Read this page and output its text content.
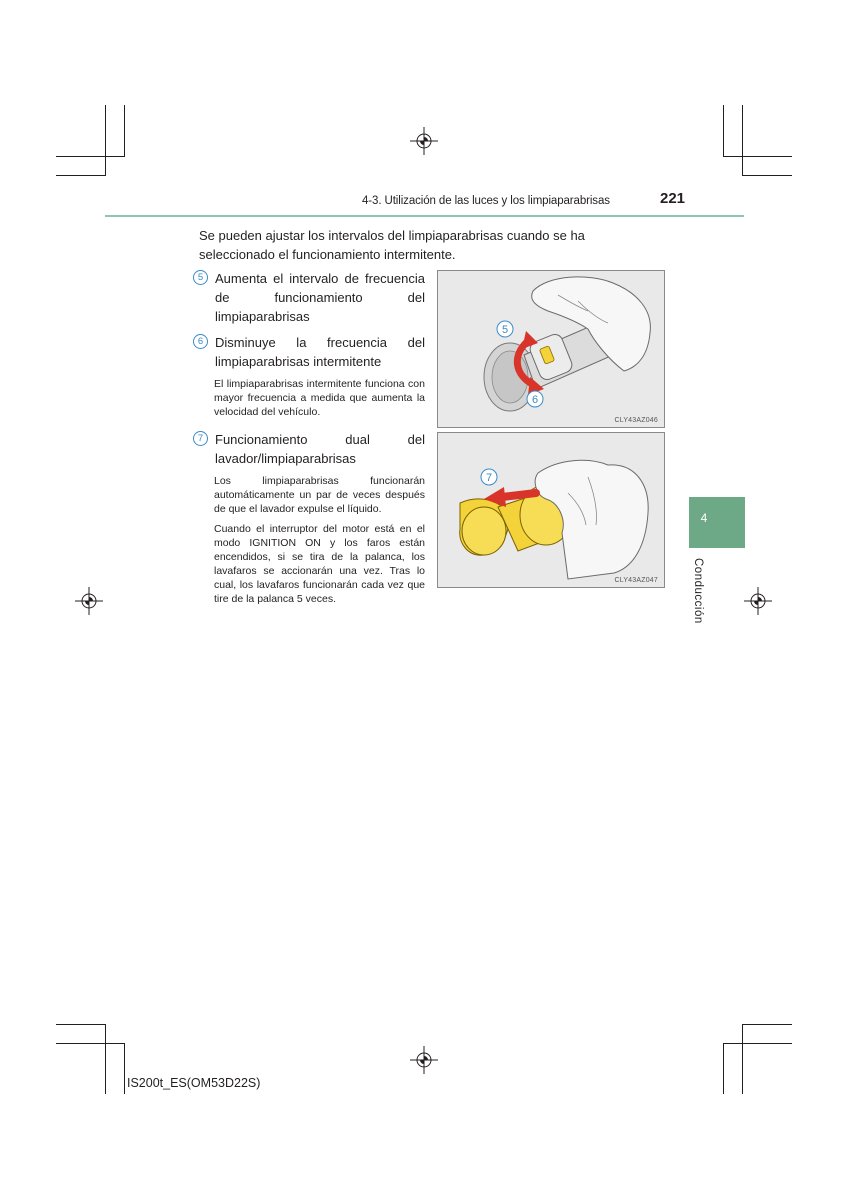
4-3. Utilización de las luces y los limpiaparabrisas	221
Se pueden ajustar los intervalos del limpiaparabrisas cuando se ha seleccionado el funcionamiento intermitente.
5 Aumenta el intervalo de frecuencia de funcionamiento del limpiaparabrisas
6 Disminuye la frecuencia del limpiaparabrisas intermitente
El limpiaparabrisas intermitente funciona con mayor frecuencia a medida que aumenta la velocidad del vehículo.
7 Funcionamiento dual del lavador/limpiaparabrisas
Los limpiaparabrisas funcionarán automáticamente un par de veces después de que el lavador expulse el líquido.
Cuando el interruptor del motor está en el modo IGNITION ON y los faros están encendidos, si se tira de la palanca, los lavafaros se accionarán una vez. Tras lo cual, los lavafaros funcionarán cada vez que tire de la palanca 5 veces.
5
6
CLY43AZ046
7
CLY43AZ047
4
Conducción
IS200t_ES(OM53D22S)
